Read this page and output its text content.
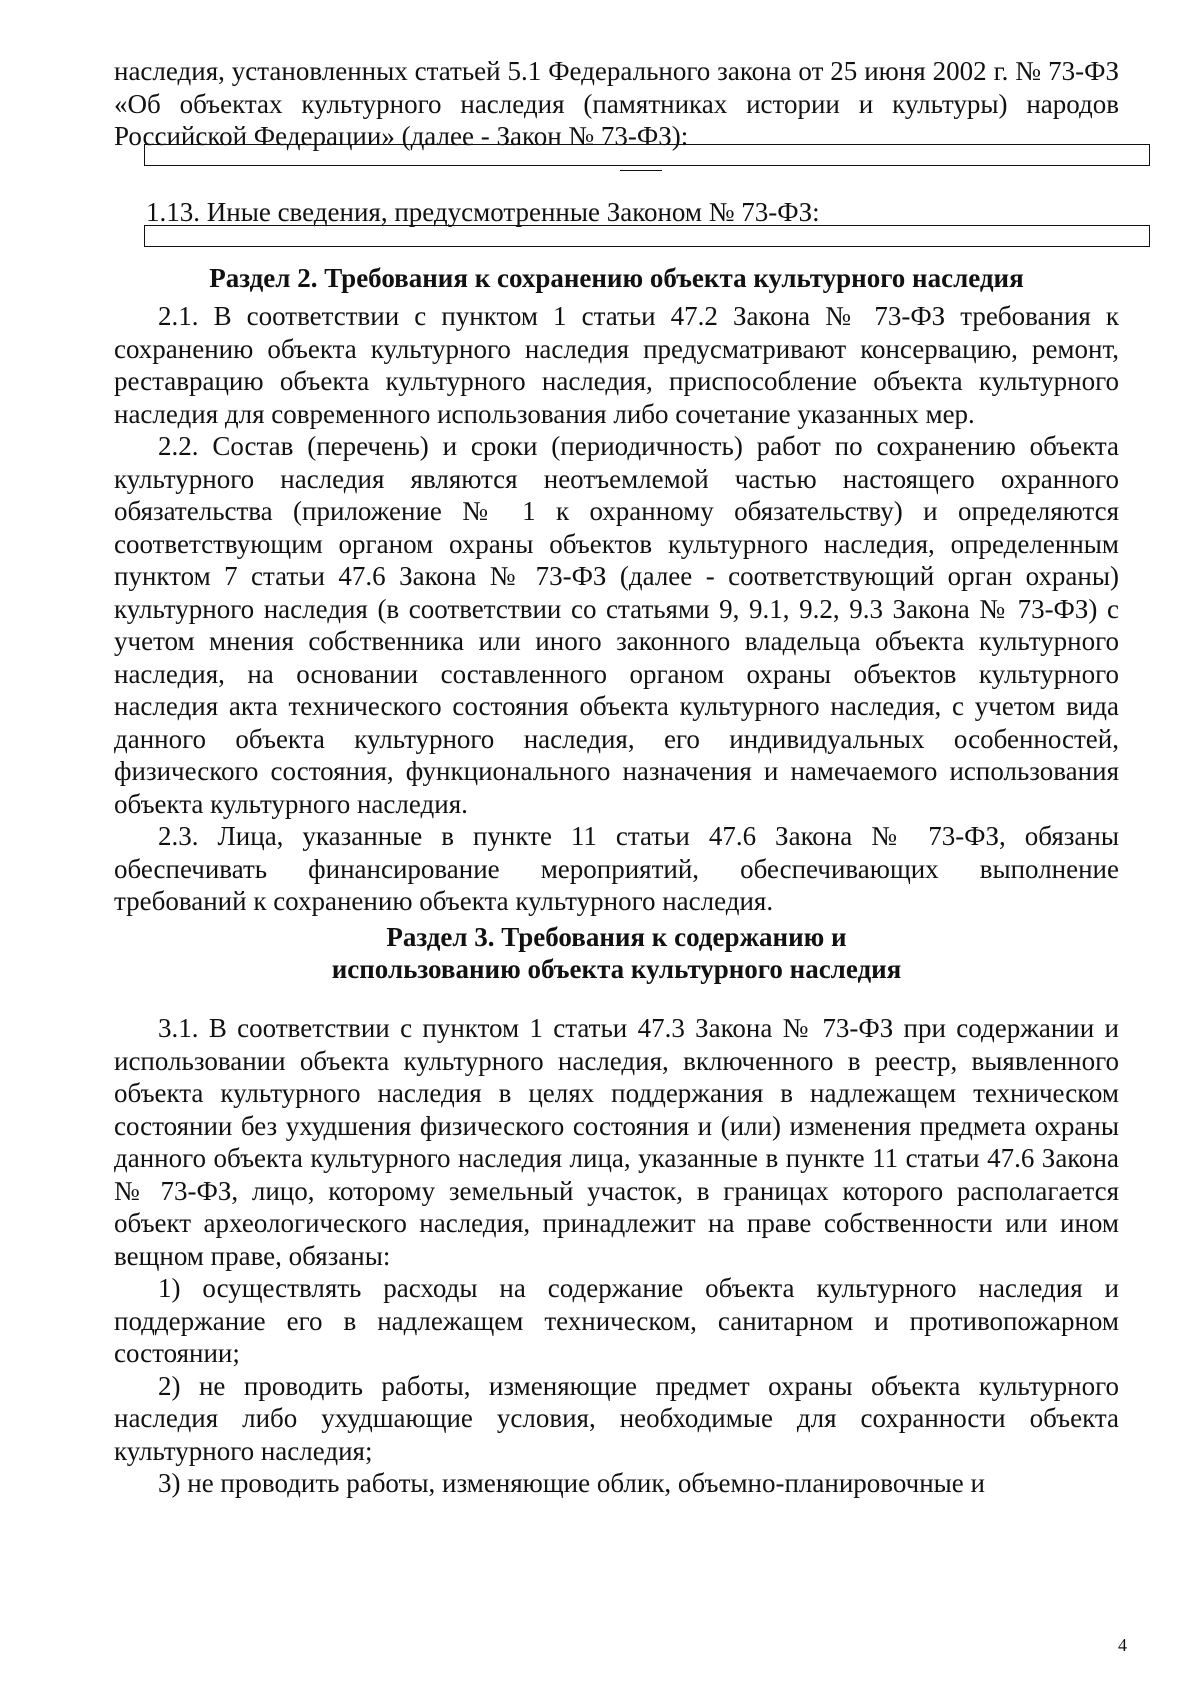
наследия, установленных статьей 5.1 Федерального закона от 25 июня 2002 г. № 73-ФЗ «Об объектах культурного наследия (памятниках истории и культуры) народов Российской Федерации» (далее - Закон № 73-ФЗ):

1.13. Иные сведения, предусмотренные Законом № 73-ФЗ:

Раздел 2. Требования к сохранению объекта культурного наследия

2.1. В соответствии с пунктом 1 статьи 47.2 Закона № 73-ФЗ требования к сохранению объекта культурного наследия предусматривают консервацию, ремонт, реставрацию объекта культурного наследия, приспособление объекта культурного наследия для современного использования либо сочетание указанных мер.

2.2. Состав (перечень) и сроки (периодичность) работ по сохранению объекта культурного наследия являются неотъемлемой частью настоящего охранного обязательства (приложение № 1 к охранному обязательству) и определяются соответствующим органом охраны объектов культурного наследия, определенным пунктом 7 статьи 47.6 Закона № 73-ФЗ (далее - соответствующий орган охраны) культурного наследия (в соответствии со статьями 9, 9.1, 9.2, 9.3 Закона № 73-ФЗ) с учетом мнения собственника или иного законного владельца объекта культурного наследия, на основании составленного органом охраны объектов культурного наследия акта технического состояния объекта культурного наследия, с учетом вида данного объекта культурного наследия, его индивидуальных особенностей, физического состояния, функционального назначения и намечаемого использования объекта культурного наследия.

2.3. Лица, указанные в пункте 11 статьи 47.6 Закона № 73-ФЗ, обязаны обеспечивать финансирование мероприятий, обеспечивающих выполнение требований к сохранению объекта культурного наследия.

Раздел 3. Требования к содержанию и

использованию объекта культурного наследия

3.1. В соответствии с пунктом 1 статьи 47.3 Закона № 73-ФЗ при содержании и использовании объекта культурного наследия, включенного в реестр, выявленного объекта культурного наследия в целях поддержания в надлежащем техническом состоянии без ухудшения физического состояния и (или) изменения предмета охраны данного объекта культурного наследия лица, указанные в пункте 11 статьи 47.6 Закона № 73-ФЗ, лицо, которому земельный участок, в границах которого располагается объект археологического наследия, принадлежит на праве собственности или ином вещном праве, обязаны:

1) осуществлять расходы на содержание объекта культурного наследия и поддержание его в надлежащем техническом, санитарном и противопожарном состоянии;

2) не проводить работы, изменяющие предмет охраны объекта культурного наследия либо ухудшающие условия, необходимые для сохранности объекта культурного наследия;

3) не проводить работы, изменяющие облик, объемно-планировочные и

4
